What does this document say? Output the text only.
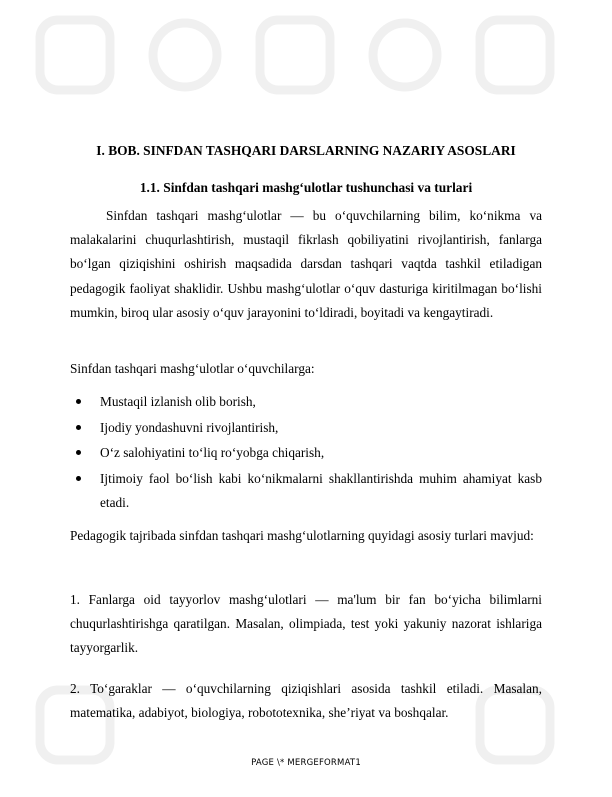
I. BOB. SINFDAN TASHQARI DARSLARNING NAZARIY ASOSLARI
1.1. Sinfdan tashqari mashg‘ulotlar tushunchasi va turlari

Sinfdan tashqari mashg‘ulotlar — bu o‘quvchilarning bilim, ko‘nikma va malakalarini chuqurlashtirish, mustaqil fikrlash qobiliyatini rivojlantirish, fanlarga bo‘lgan qiziqishini oshirish maqsadida darsdan tashqari vaqtda tashkil etiladigan pedagogik faoliyat shaklidir. Ushbu mashg‘ulotlar o‘quv dasturiga kiritilmagan bo‘lishi mumkin, biroq ular asosiy o‘quv jarayonini to‘ldiradi, boyitadi va kengaytiradi.

Sinfdan tashqari mashg‘ulotlar o‘quvchilarga:

Mustaqil izlanish olib borish,
Ijodiy yondashuvni rivojlantirish,
O‘z salohiyatini to‘liq ro‘yobga chiqarish,
Ijtimoiy faol bo‘lish kabi ko‘nikmalarni shakllantirishda muhim ahamiyat kasb etadi.

Pedagogik tajribada sinfdan tashqari mashg‘ulotlarning quyidagi asosiy turlari mavjud:

1. Fanlarga oid tayyorlov mashg‘ulotlari — ma'lum bir fan bo‘yicha bilimlarni chuqurlashtirishga qaratilgan. Masalan, olimpiada, test yoki yakuniy nazorat ishlariga tayyorgarlik.

2. To‘garaklar — o‘quvchilarning qiziqishlari asosida tashkil etiladi. Masalan, matematika, adabiyot, biologiya, robototexnika, she’riyat va boshqalar.

PAGE \* MERGEFORMAT1
